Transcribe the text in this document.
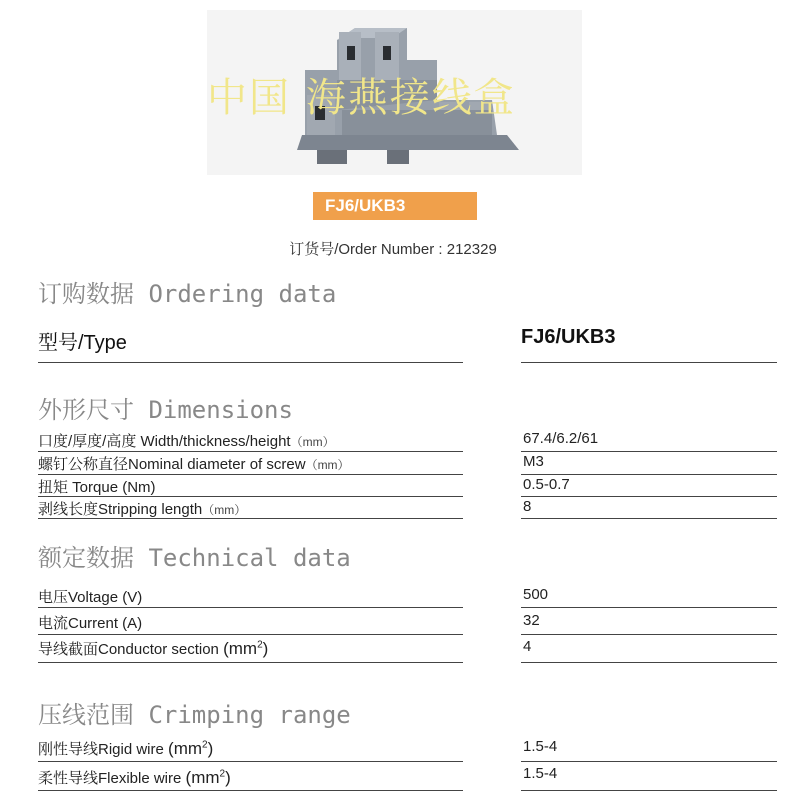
中国 海燕接线盒
FJ6/UKB3
订货号/Order Number : 212329
订购数据 Ordering data
型号/Type	FJ6/UKB3
外形尺寸 Dimensions
口度/厚度/高度 Width/thickness/height（mm）	67.4/6.2/61
螺钉公称直径Nominal diameter of screw（mm）	M3
扭矩 Torque (Nm)	0.5-0.7
剥线长度Stripping length（mm）	8
额定数据 Technical data
电压Voltage (V)	500
电流Current (A)	32
导线截面Conductor section $(mm^2)$	4
压线范围 Crimping range
刚性导线Rigid wire $(mm^2)$	1.5-4
柔性导线Flexible wire $(mm^2)$	1.5-4
